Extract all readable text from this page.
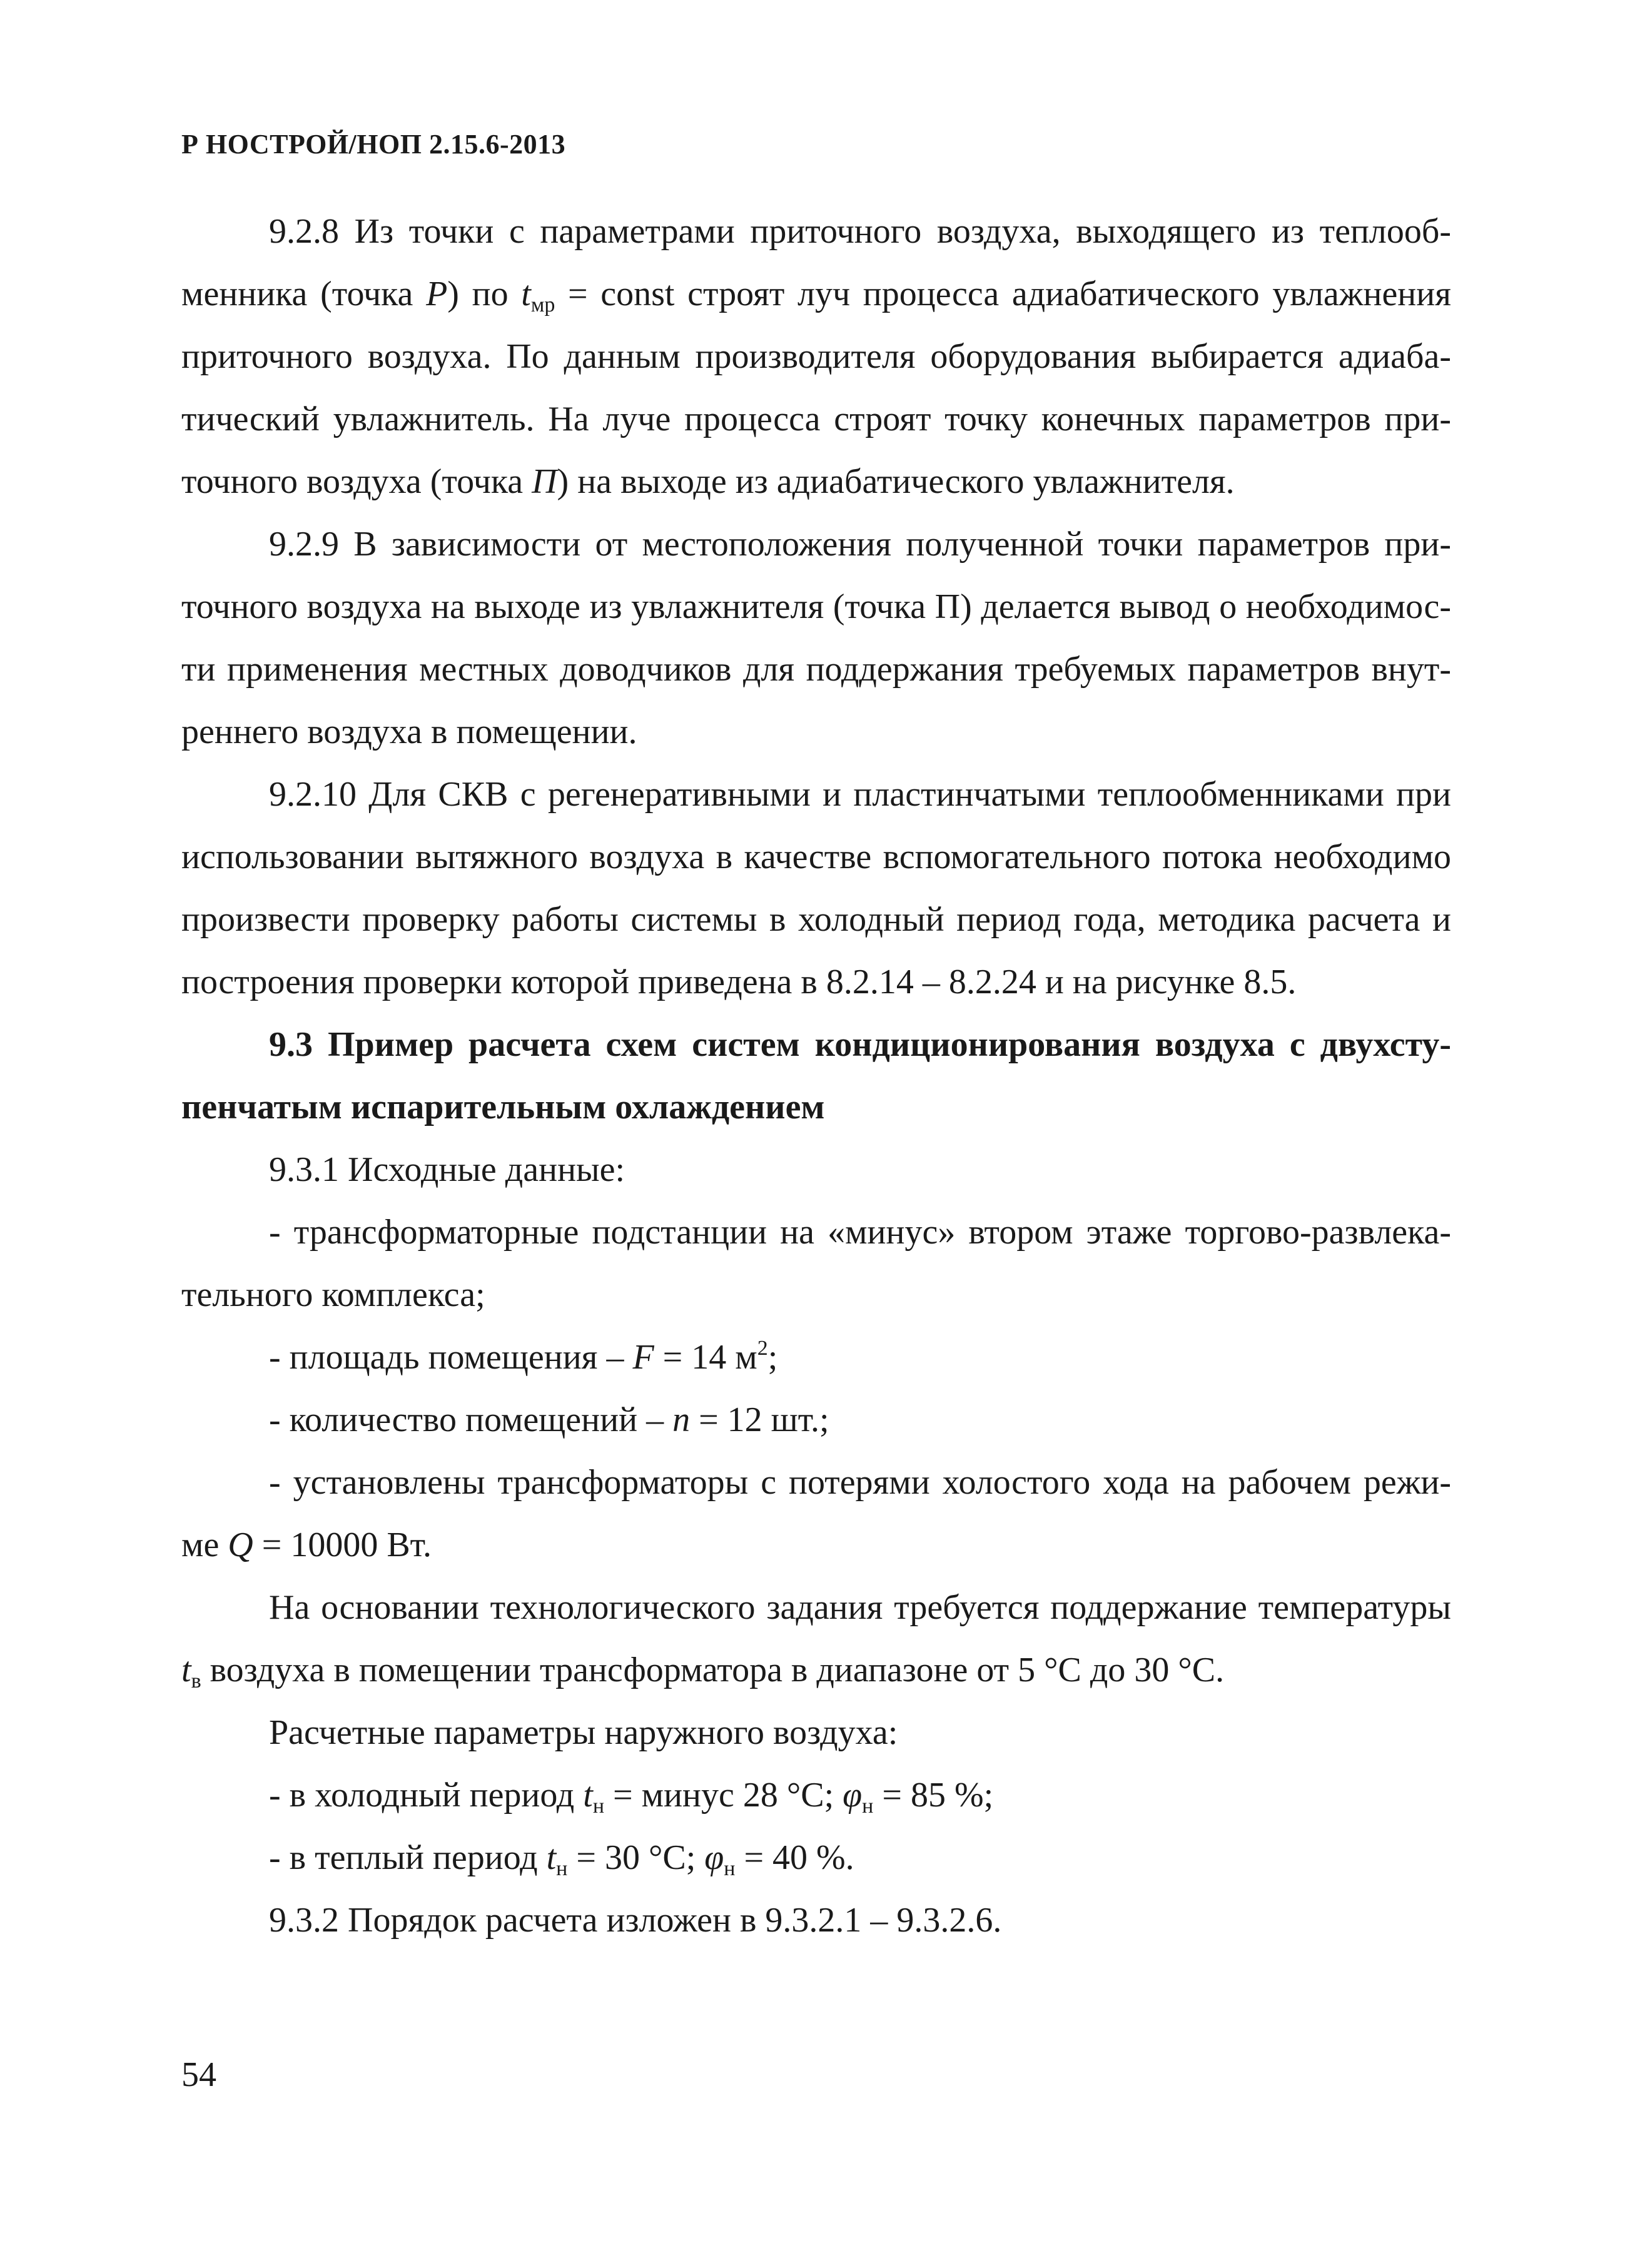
Р НОСТРОЙ/НОП 2.15.6-2013

9.2.8 Из точки с параметрами приточного воздуха, выходящего из теплооб-менника (точка P) по $t_{мр}$ = const строят луч процесса адиабатического увлажнения приточного воздуха. По данным производителя оборудования выбирается адиаба-тический увлажнитель. На луче процесса строят точку конечных параметров при-точного воздуха (точка П) на выходе из адиабатического увлажнителя.

9.2.9 В зависимости от местоположения полученной точки параметров при-точного воздуха на выходе из увлажнителя (точка П) делается вывод о необходимос-ти применения местных доводчиков для поддержания требуемых параметров внут-реннего воздуха в помещении.

9.2.10 Для СКВ с регенеративными и пластинчатыми теплообменниками при использовании вытяжного воздуха в качестве вспомогательного потока необходимо произвести проверку работы системы в холодный период года, методика расчета и построения проверки которой приведена в 8.2.14 – 8.2.24 и на рисунке 8.5.

9.3 Пример расчета схем систем кондиционирования воздуха с двухсту-пенчатым испарительным охлаждением

9.3.1 Исходные данные:

- трансформаторные подстанции на «минус» втором этаже торгово-развлека-тельного комплекса;

- площадь помещения – F = 14 $м^2$;

- количество помещений – n = 12 шт.;

- установлены трансформаторы с потерями холостого хода на рабочем режи-ме Q = 10000 Вт.

На основании технологического задания требуется поддержание температуры $t_в$ воздуха в помещении трансформатора в диапазоне от 5 °С до 30 °С.

Расчетные параметры наружного воздуха:

- в холодный период $t_н$ = минус 28 °С; $\varphi_н = 85$ %;

- в теплый период $t_н = 30$ °С; $\varphi_н = 40$ %.

9.3.2 Порядок расчета изложен в 9.3.2.1 – 9.3.2.6.

54
